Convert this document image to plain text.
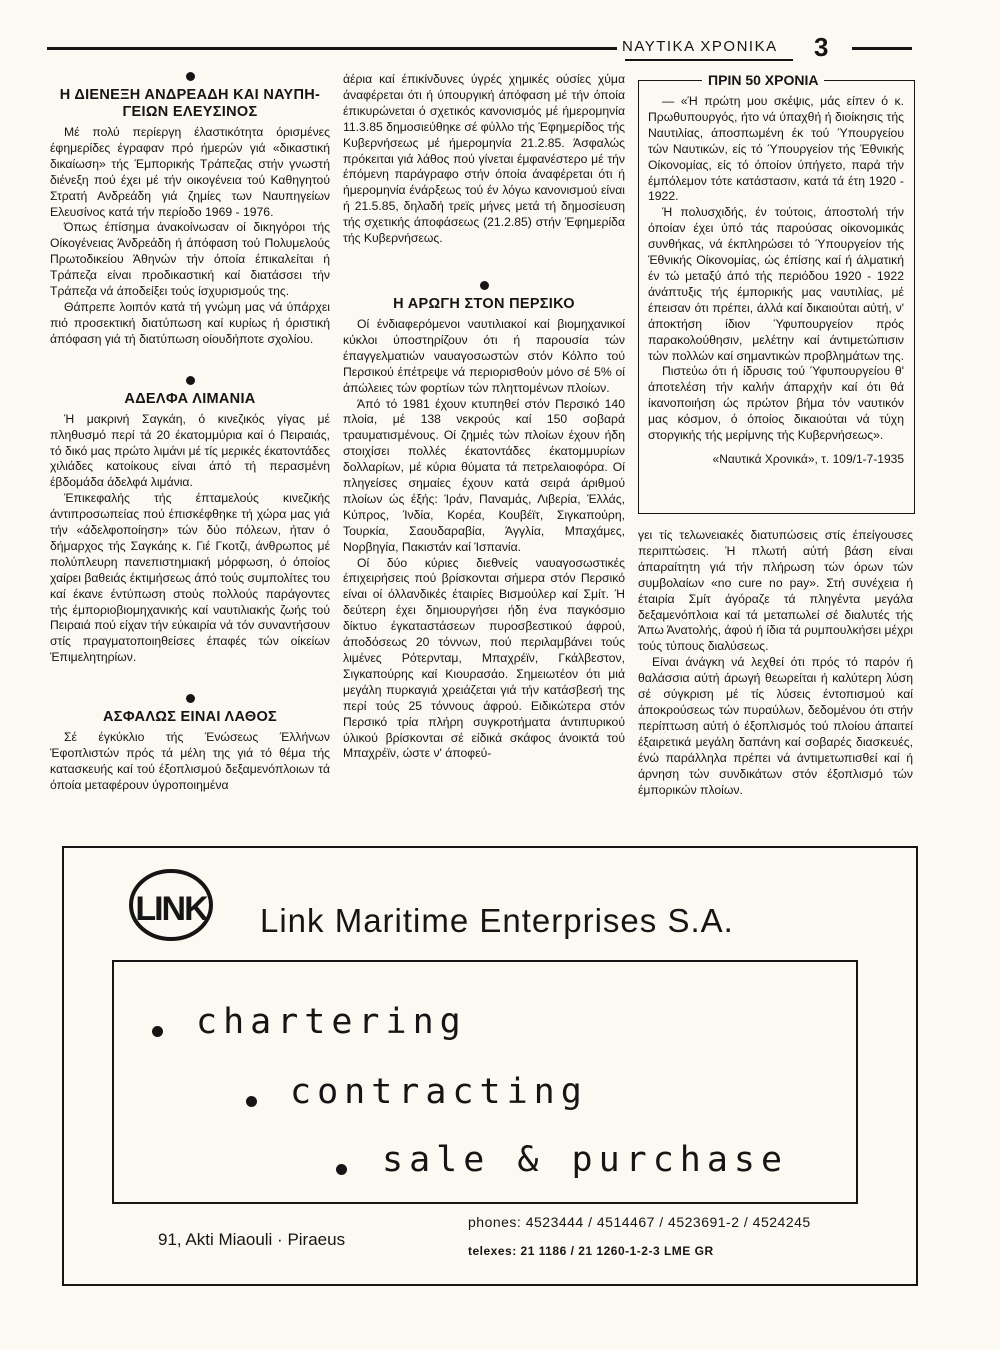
ΝΑΥΤΙΚΑ ΧΡΟΝΙΚΑ 3
Η ΔΙΕΝΕΞΗ ΑΝΔΡΕΑΔΗ ΚΑΙ ΝΑΥΠΗ-ΓΕΙΩΝ ΕΛΕΥΣΙΝΟΣ

Μέ πολύ περίεργη έλαστικότητα όρισμένες έφημερίδες έγραφαν πρό ήμερών γιά «δικαστική δικαίωση» τής Έμπορικής Τράπεζας στήν γνωστή διένεξη πού έχει μέ τήν οικογένεια τού Καθηγητού Στρατή Ανδρεάδη γιά ζημίες των Ναυπηγείων Ελευσίνος κατά τήν περίοδο 1969 - 1976.

Όπως έπίσημα άνακοίνωσαν οί δικηγόροι τής Οίκογένειας Άνδρεάδη ή άπόφαση τού Πολυμελούς Πρωτοδικείου Άθηνών τήν όποία έπικαλείται ή Τράπεζα είναι προδικαστική καί διατάσσει τήν Τράπεζα νά άποδείξει τούς ίσχυρισμούς της.

Θάπρεπε λοιπόν κατά τή γνώμη μας νά ύπάρχει πιό προσεκτική διατύπωση καί κυρίως ή όριστική άπόφαση γιά τή διατύπωση οίουδήποτε σχολίου.

ΑΔΕΛΦΑ ΛΙΜΑΝΙΑ

Ή μακρινή Σαγκάη, ό κινεζικός γίγας μέ πληθυσμό περί τά 20 έκατομμύρια καί ό Πειραιάς, τό δικό μας πρώτο λιμάνι μέ τίς μερικές έκατοντάδες χιλιάδες κατοίκους είναι άπό τή περασμένη έβδομάδα άδελφά λιμάνια.

Έπικεφαλής τής έπταμελούς κινεζικής άντιπροσωπείας πού έπισκέφθηκε τή χώρα μας γιά τήν «άδελφοποίηση» τών δύο πόλεων, ήταν ό δήμαρχος τής Σαγκάης κ. Γιέ Γκοτζι, άνθρωπος μέ πολύπλευρη πανεπιστημιακή μόρφωση, ό όποίος χαίρει βαθειάς έκτιμήσεως άπό τούς συμπολίτες του καί έκανε έντύπωση στούς πολλούς παράγοντες τής έμποριοβιομηχανικής καί ναυτιλιακής ζωής τού Πειραιά πού είχαν τήν εύκαιρία νά τόν συναντήσουν στίς πραγματοποιηθείσες έπαφές τών οίκείων Έπιμελητηρίων.

ΑΣΦΑΛΩΣ ΕΙΝΑΙ ΛΑΘΟΣ

Σέ έγκύκλιο τής Ένώσεως Έλλήνων Έφοπλιστών πρός τά μέλη της γιά τό θέμα τής κατασκευής καί τού έξοπλισμού δεξαμενόπλοιων τά όποία μεταφέρουν ύγροποιημένα

άέρια καί έπικίνδυνες ύγρές χημικές ούσίες χύμα άναφέρεται ότι ή ύπουργική άπόφαση μέ τήν όποία έπικυρώνεται ό σχετικός κανονισμός μέ ήμερομηνία 11.3.85 δημοσιεύθηκε σέ φύλλο τής Έφημερίδος τής Κυβερνήσεως μέ ήμερομηνία 21.2.85. Άσφαλώς πρόκειται γιά λάθος πού γίνεται έμφανέστερο μέ τήν έπόμενη παράγραφο στήν όποία άναφέρεται ότι ή ήμερομηνία ένάρξεως τού έν λόγω κανονισμού είναι ή 21.5.85, δηλαδή τρεϊς μήνες μετά τή δημοσίευση τής σχετικής άποφάσεως (21.2.85) στήν Έφημερίδα τής Κυβερνήσεως.

Η ΑΡΩΓΗ ΣΤΟΝ ΠΕΡΣΙΚΟ

Οί ένδιαφερόμενοι ναυτιλιακοί καί βιομηχανικοί κύκλοι ύποστηρίζουν ότι ή παρουσία τών έπαγγελματιών ναυαγοσωστών στόν Κόλπο τού Περσικού έπέτρεψε νά περιορισθούν μόνο σέ 5% οί άπώλειες τών φορτίων τών πληττομένων πλοίων.

Άπό τό 1981 έχουν κτυπηθεί στόν Περσικό 140 πλοία, μέ 138 νεκρούς καί 150 σοβαρά τραυματισμένους. Οί ζημιές τών πλοίων έχουν ήδη στοιχίσει πολλές έκατοντάδες έκατομμυρίων δολλαρίων, μέ κύρια θύματα τά πετρελαιοφόρα. Οί πληγείσες σημαίες έχουν κατά σειρά άριθμού πλοίων ώς έξής: Ίράν, Παναμάς, Λιβερία, Έλλάς, Κύπρος, Ίνδία, Κορέα, Κουβέϊτ, Σιγκαπούρη, Τουρκία, Σαουδαραβία, Άγγλία, Μπαχάμες, Νορβηγία, Πακιστάν καί Ίσπανία.

Οί δύο κύριες διεθνείς ναυαγοσωστικές έπιχειρήσεις πού βρίσκονται σήμερα στόν Περσικό είναι οί όλλανδικές έταιρίες Βισμούλερ καί Σμίτ. Ή δεύτερη έχει δημιουργήσει ήδη ένα παγκόσμιο δίκτυο έγκαταστάσεων πυροσβεστικού άφρού, άποδόσεως 20 τόννων, πού περιλαμβάνει τούς λιμένες Ρότερνταμ, Μπαχρέϊν, Γκάλβεστον, Σιγκαπούρης καί Κιουρασάο. Σημειωτέον ότι μιά μεγάλη πυρκαγιά χρειάζεται γιά τήν κατάσβεσή της περί τούς 25 τόννους άφρού. Ειδικώτερα στόν Περσικό τρία πλήρη συγκροτήματα άντιπυρικού ύλικού βρίσκονται σέ είδικά σκάφος άνοικτά τού Μπαχρέϊν, ώστε ν' άποφεύ-

ΠΡΙΝ 50 ΧΡΟΝΙΑ

— «Ή πρώτη μου σκέψις, μάς είπεν ό κ. Πρωθυπουργός, ήτο νά ύπαχθή ή διοίκησις τής Ναυτιλίας, άποσπωμένη έκ τού Ύπουργείου τών Ναυτικών, είς τό Ύπουργείον τής Έθνικής Οίκονομίας, είς τό όποίον ύπήγετο, παρά τήν έμπόλεμον τότε κατάστασιν, κατά τά έτη 1920 - 1922.

Ή πολυσχιδής, έν τούτοις, άποστολή τήν όποίαν έχει ύπό τάς παρούσας οίκονομικάς συνθήκας, νά έκπληρώσει τό Ύπουργείον τής Έθνικής Οίκονομίας, ώς έπίσης καί ή άλματική έν τώ μεταξύ άπό τής περιόδου 1920 - 1922 άνάπτυξις τής έμπορικής μας ναυτιλίας, μέ έπεισαν ότι πρέπει, άλλά καί δικαιούται αύτή, ν' άποκτήση ίδιον Ύφυπουργείον πρός παρακολούθησιν, μελέτην καί άντιμετώπισιν τών πολλών καί σημαντικών προβλημάτων της.

Πιστεύω ότι ή ίδρυσις τού Ύφυπουργείου θ' άποτελέση τήν καλήν άπαρχήν καί ότι θά ίκανοποιήση ώς πρώτον βήμα τόν ναυτικόν μας κόσμον, ό όποίος δικαιούται νά τύχη στοργικής τής μερίμνης τής Κυβερνήσεως».

«Ναυτικά Χρονικά», τ. 109/1-7-1935

γει τίς τελωνειακές διατυπώσεις στίς έπείγουσες περιπτώσεις. Ή πλωτή αύτή βάση είναι άπαραίτητη γιά τήν πλήρωση τών όρων τών συμβολαίων «no cure no pay». Στή συνέχεια ή έταιρία Σμίτ άγόραζε τά πληγέντα μεγάλα δεξαμενόπλοια καί τά μεταπωλεί σέ διαλυτές τής Άπω Άνατολής, άφού ή ίδια τά ρυμπουλκήσει μέχρι τούς τύπους διαλύσεως.

Είναι άνάγκη νά λεχθεί ότι πρός τό παρόν ή θαλάσσια αύτή άρωγή θεωρείται ή καλύτερη λύση σέ σύγκριση μέ τίς λύσεις έντοπισμού καί άποκρούσεως τών πυραύλων, δεδομένου ότι στήν περίπτωση αύτή ό έξοπλισμός τού πλοίου άπαιτεί έξαιρετικά μεγάλη δαπάνη καί σοβαρές διασκευές, ένώ παράλληλα πρέπει νά άντιμετωπισθεί καί ή άρνηση τών συνδικάτων στόν έξοπλισμό τών έμπορικών πλοίων.

LINK Link Maritime Enterprises S.A.
chartering
contracting
sale & purchase
91, Akti Miaouli · Piraeus
phones: 4523444 / 4514467 / 4523691-2 / 4524245
telexes: 21 1186 / 21 1260-1-2-3 LME GR
